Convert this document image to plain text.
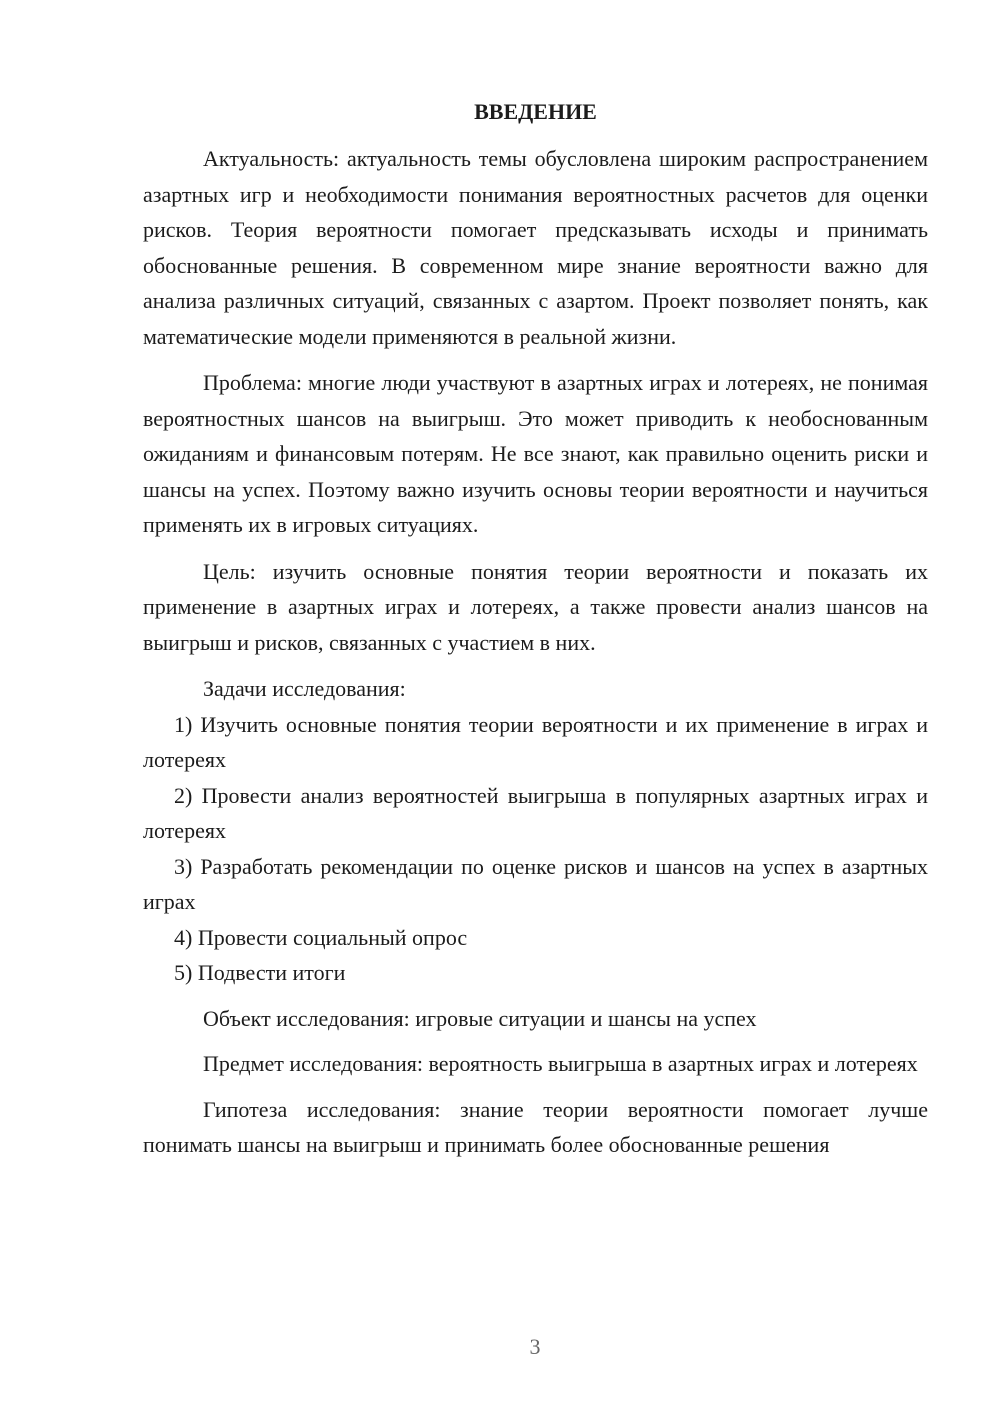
ВВЕДЕНИЕ

Актуальность: актуальность темы обусловлена широким распространением азартных игр и необходимости понимания вероятностных расчетов для оценки рисков. Теория вероятности помогает предсказывать исходы и принимать обоснованные решения. В современном мире знание вероятности важно для анализа различных ситуаций, связанных с азартом. Проект позволяет понять, как математические модели применяются в реальной жизни.

Проблема: многие люди участвуют в азартных играх и лотереях, не понимая вероятностных шансов на выигрыш. Это может приводить к необоснованным ожиданиям и финансовым потерям. Не все знают, как правильно оценить риски и шансы на успех. Поэтому важно изучить основы теории вероятности и научиться применять их в игровых ситуациях.

Цель: изучить основные понятия теории вероятности и показать их применение в азартных играх и лотереях, а также провести анализ шансов на выигрыш и рисков, связанных с участием в них.

Задачи исследования:

1) Изучить основные понятия теории вероятности и их применение в играх и лотереях

2) Провести анализ вероятностей выигрыша в популярных азартных играх и лотереях

3) Разработать рекомендации по оценке рисков и шансов на успех в азартных играх

4) Провести социальный опрос

5) Подвести итоги

Объект исследования: игровые ситуации и шансы на успех

Предмет исследования: вероятность выигрыша в азартных играх и лотереях

Гипотеза исследования: знание теории вероятности помогает лучше понимать шансы на выигрыш и принимать более обоснованные решения

3
